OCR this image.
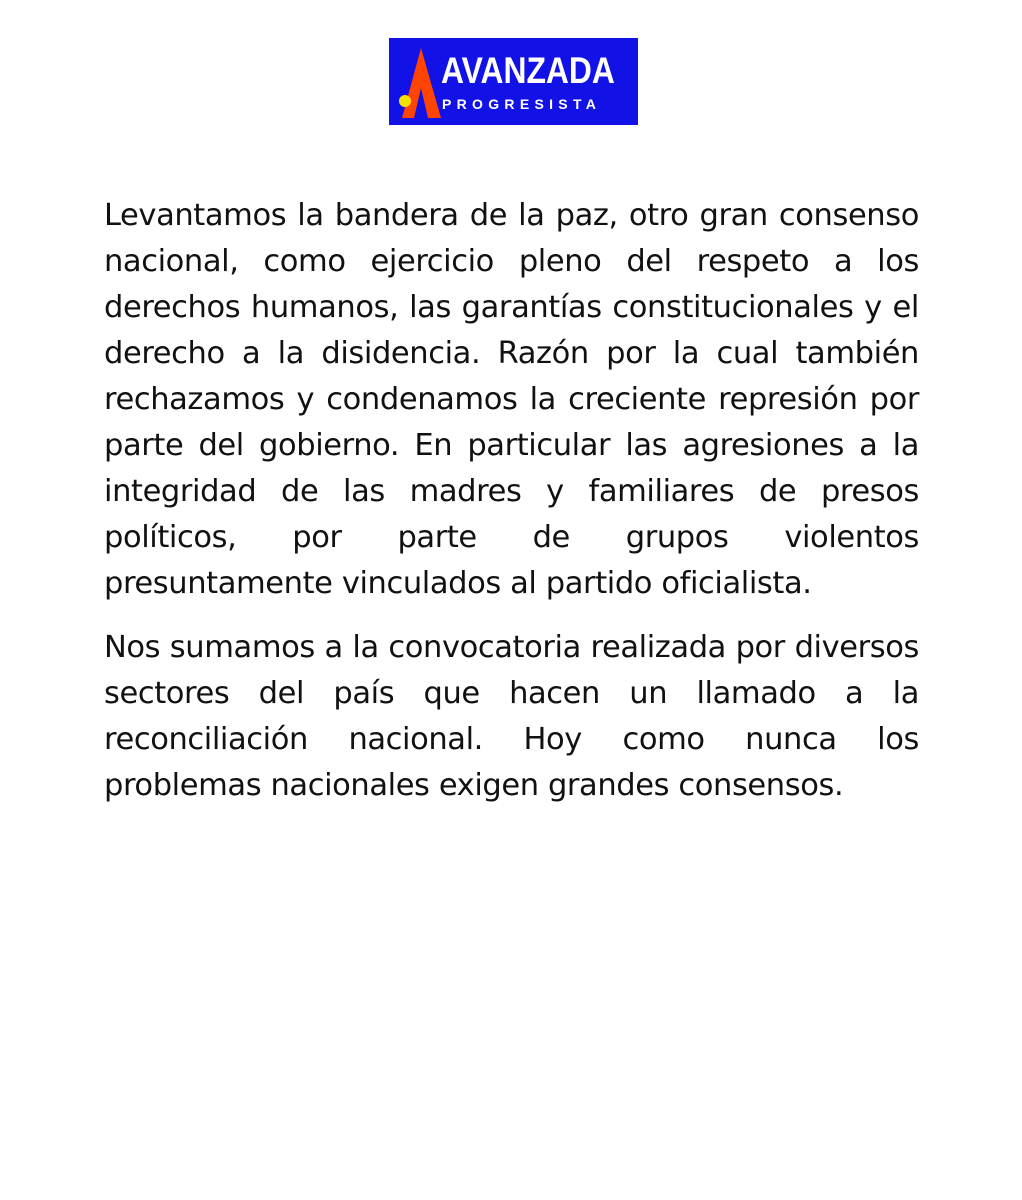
AVANZADA
PROGRESISTA

Levantamos la bandera de la paz, otro gran consenso nacional, como ejercicio pleno del respeto a los derechos humanos, las garantías constitucionales y el derecho a la disidencia. Razón por la cual también rechazamos y condenamos la creciente represión por parte del gobierno. En particular las agresiones a la integridad de las madres y familiares de presos políticos, por parte de grupos violentos presuntamente vinculados al partido oficialista.

Nos sumamos a la convocatoria realizada por diversos sectores del país que hacen un llamado a la reconciliación nacional. Hoy como nunca los problemas nacionales exigen grandes consensos.
